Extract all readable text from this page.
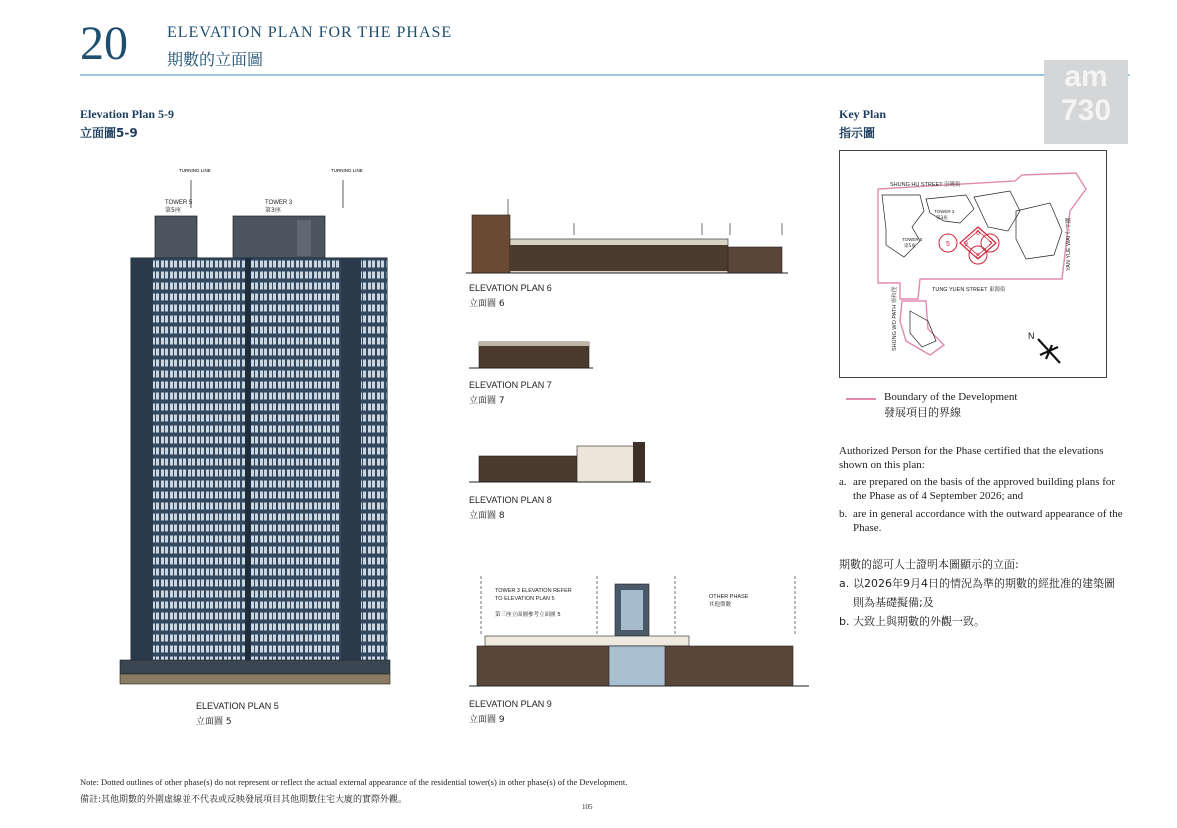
20 ELEVATION PLAN FOR THE PHASE
期數的立面圖
am
730
Elevation Plan 5-9
立面圖5-9
TURNING LINE	TURNING LINE
TOWER 5
第5座
TOWER 3
第3座
ELEVATION PLAN 5
立面圖 5
ELEVATION PLAN 6
立面圖 6
ELEVATION PLAN 7
立面圖 7
ELEVATION PLAN 8
立面圖 8
TOWER 3 ELEVATION REFER
TO ELEVATION PLAN 5
第三座立面圖參考立面圖 5
OTHER PHASE
其他期數
ELEVATION PLAN 9
立面圖 9
Key Plan
指示圖
5
6
7
8
9
SHUNG HU STREET 崇曉街
TUNG YUEN STREET 東源街
YAN YUE WAI 仁宇圍
SHUNG WO PATH 崇和徑
TOWER 3
第3座
TOWER 5
第5座
N
Boundary of the Development
發展項目的界線
Authorized Person for the Phase certified that the elevations shown on this plan:
a. are prepared on the basis of the approved building plans for the Phase as of 4 September 2026; and
b. are in general accordance with the outward appearance of the Phase.
期數的認可人士證明本圖顯示的立面:
a. 以2026年9月4日的情況為準的期數的經批准的建築圖則為基礎擬備;及
b. 大致上與期數的外觀一致。
Note: Dotted outlines of other phase(s) do not represent or reflect the actual external appearance of the residential tower(s) in other phase(s) of the Development.
備註:其他期數的外圍虛線並不代表或反映發展項目其他期數住宅大廈的實際外觀。
105
